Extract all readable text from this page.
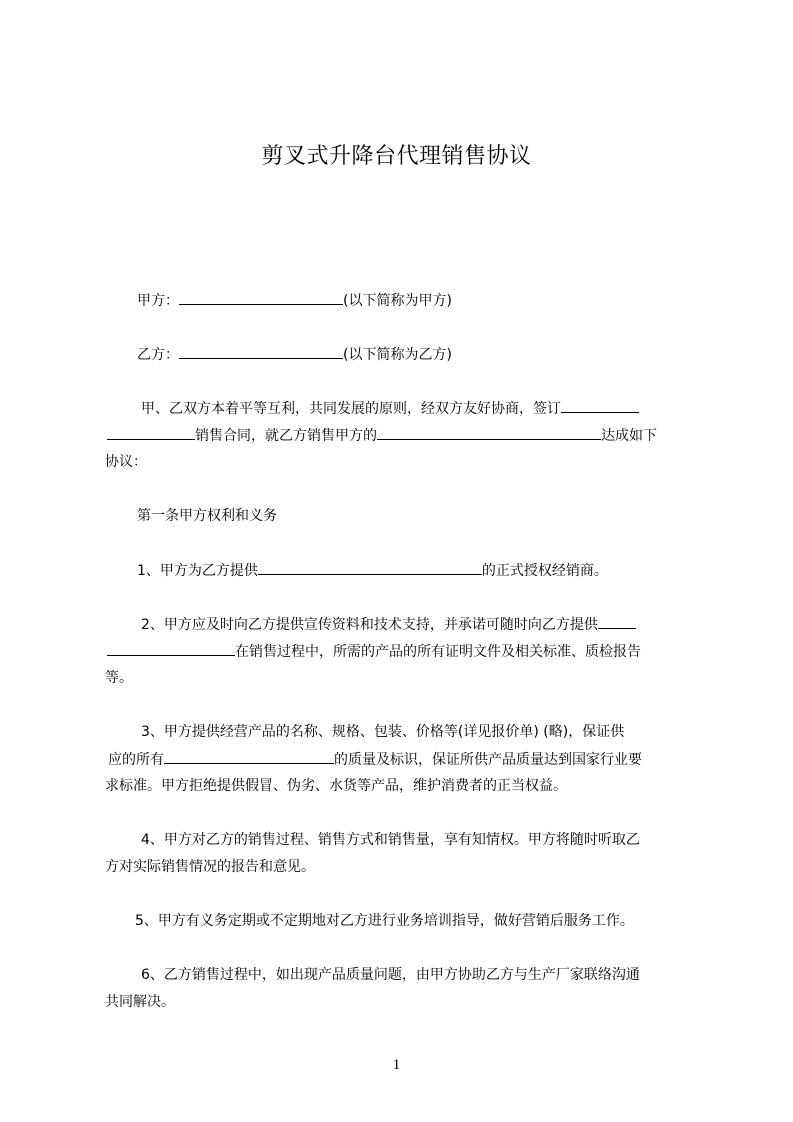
剪叉式升降台代理销售协议
甲方：	(以下简称为甲方)
乙方：	(以下简称为乙方)
甲、乙双方本着平等互利，共同发展的原则，经双方友好协商，签订
销售合同，就乙方销售甲方的	达成如下
协议：
第一条甲方权利和义务
1、甲方为乙方提供	的正式授权经销商。
2、甲方应及时向乙方提供宣传资料和技术支持，并承诺可随时向乙方提供
在销售过程中，所需的产品的所有证明文件及相关标准、质检报告
等。
3、甲方提供经营产品的名称、规格、包装、价格等(详见报价单) (略)，保证供
应的所有	的质量及标识，保证所供产品质量达到国家行业要
求标准。甲方拒绝提供假冒、伪劣、水货等产品，维护消费者的正当权益。
4、甲方对乙方的销售过程、销售方式和销售量，享有知情权。甲方将随时听取乙
方对实际销售情况的报告和意见。
5、甲方有义务定期或不定期地对乙方进行业务培训指导，做好营销后服务工作。
6、乙方销售过程中，如出现产品质量问题，由甲方协助乙方与生产厂家联络沟通
共同解决。
1
